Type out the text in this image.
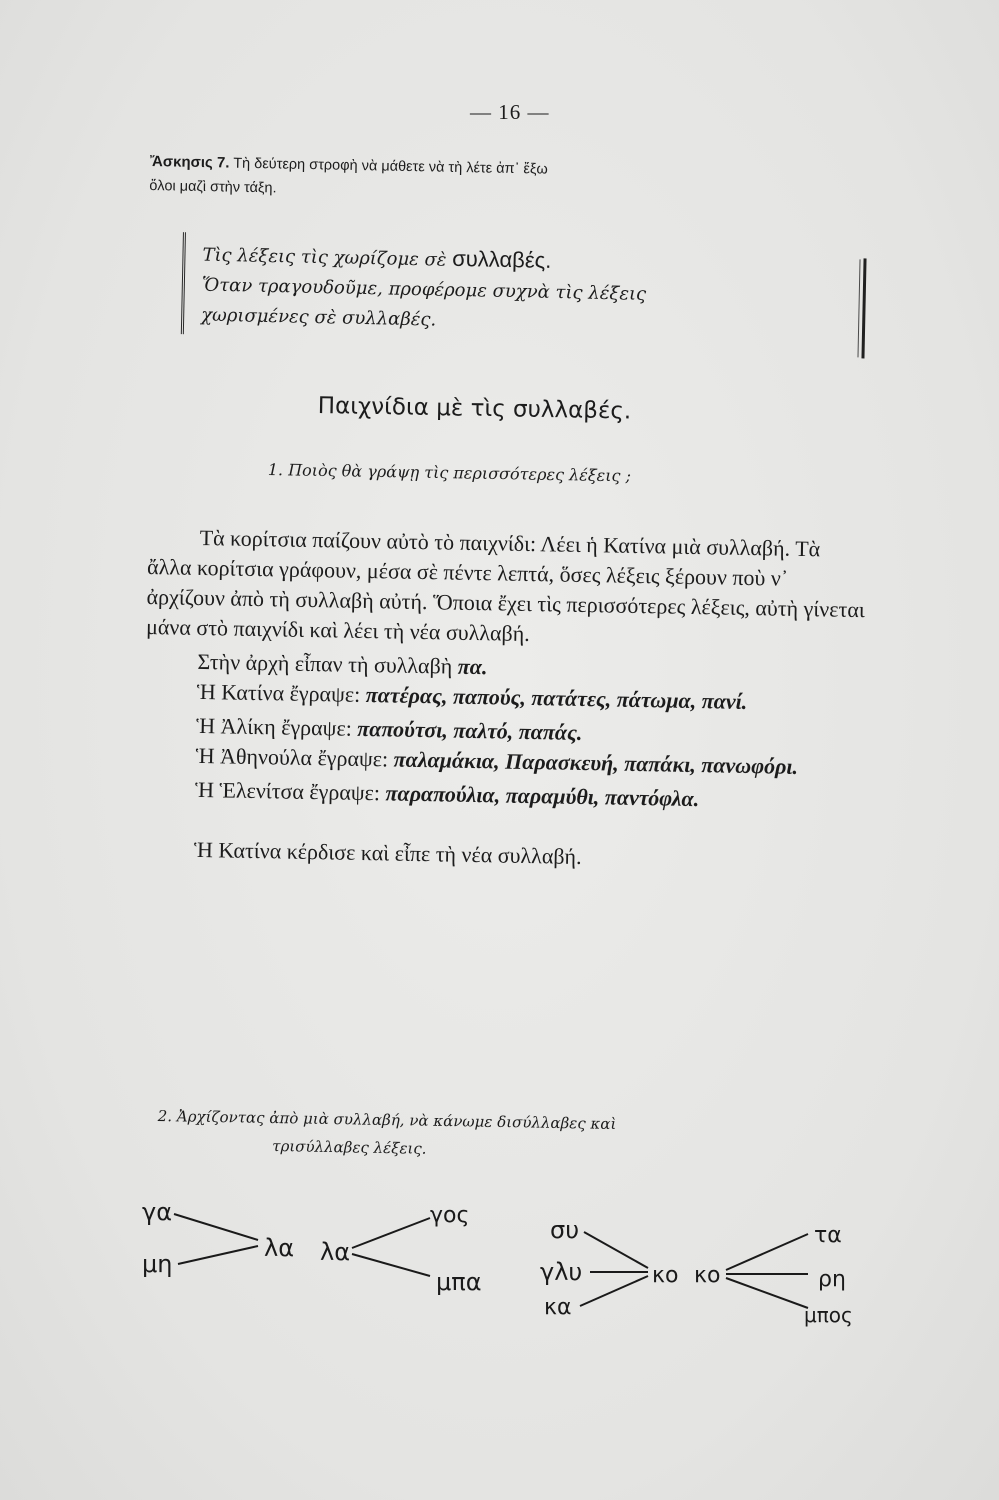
— 16 —
Ἄσκησις 7. Τὴ δεύτερη στροφὴ νὰ μάθετε νὰ τὴ λέτε ἀπ᾿ ἔξω
ὅλοι μαζὶ στὴν τάξη.
Τὶς λέξεις τὶς χωρίζομε σὲ συλλαβές.
Ὅταν τραγουδοῦμε, προφέρομε συχνὰ τὶς λέξεις
χωρισμένες σὲ συλλαβές.
Παιχνίδια μὲ τὶς συλλαβές.
1. Ποιὸς θὰ γράψῃ τὶς περισσότερες λέξεις ;

Τὰ κορίτσια παίζουν αὐτὸ τὸ παιχνίδι: Λέει ἡ Κατίνα μιὰ συλλαβή. Τὰ ἄλλα κορίτσια γράφουν, μέσα σὲ πέντε λεπτά, ὅσες λέξεις ξέρουν ποὺ ν᾿ ἀρχίζουν ἀπὸ τὴ συλλαβὴ αὐτή. Ὅποια ἔχει τὶς περισσότερες λέξεις, αὐτὴ γίνεται μάνα στὸ παιχνίδι καὶ λέει τὴ νέα συλλαβή.

Στὴν ἀρχὴ εἶπαν τὴ συλλαβὴ πα.

Ἡ Κατίνα ἔγραψε: πατέρας, παπούς, πατάτες, πάτωμα, πανί.

Ἡ Ἀλίκη ἔγραψε: παπούτσι, παλτό, παπάς.

Ἡ Ἀθηνούλα ἔγραψε: παλαμάκια, Παρασκευή, παπάκι, πανωφόρι.

Ἡ Ἑλενίτσα ἔγραψε: παραπούλια, παραμύθι, παντόφλα.

Ἡ Κατίνα κέρδισε καὶ εἶπε τὴ νέα συλλαβή.

2. Ἀρχίζοντας ἀπὸ μιὰ συλλαβή, νὰ κάνωμε δισύλλαβες καὶ
τρισύλλαβες λέξεις.
γα
μη
λα λα
γος
μπα
συ
γλυ
κα
κο κο
τα
ρη
μπος
